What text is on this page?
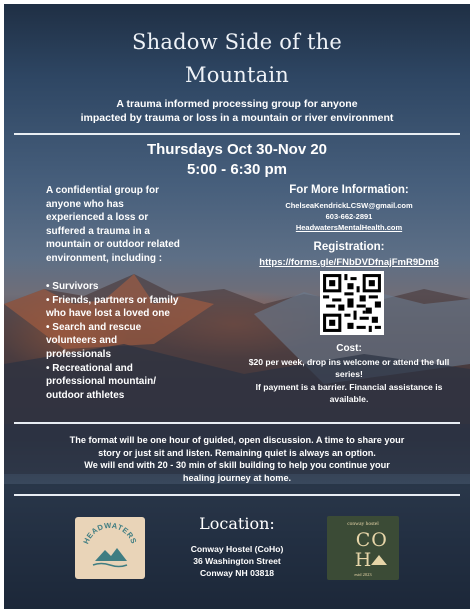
Shadow Side of the
Mountain
A trauma informed processing group for anyone
impacted by trauma or loss in a mountain or river environment
Thursdays Oct 30-Nov 20
5:00 - 6:30 pm
A confidential group for
anyone who has
experienced a loss or
suffered a trauma in a
mountain or outdoor related
environment, including :
• Survivors
• Friends, partners or family
who have lost a loved one
• Search and rescue
volunteers and
professionals
• Recreational and
professional mountain/
outdoor athletes
For More Information:
ChelseaKendrickLCSW@gmail.com
603-662-2891
HeadwatersMentalHealth.com
Registration:
https://forms.gle/FNbDVDfnajFmR9Dm8
Cost:
$20 per week, drop ins welcome or attend the full
series!
If payment is a barrier. Financial assistance is
available.
The format will be one hour of guided, open discussion. A time to share your
story or just sit and listen. Remaining quiet is always an option.
We will end with 20 - 30 min of skill building to help you continue your
healing journey at home.
Location:
Conway Hostel (CoHo)
36 Washington Street
Conway NH 03818
HEADWATERS
conway hostel
C
H
O
estd 2023
